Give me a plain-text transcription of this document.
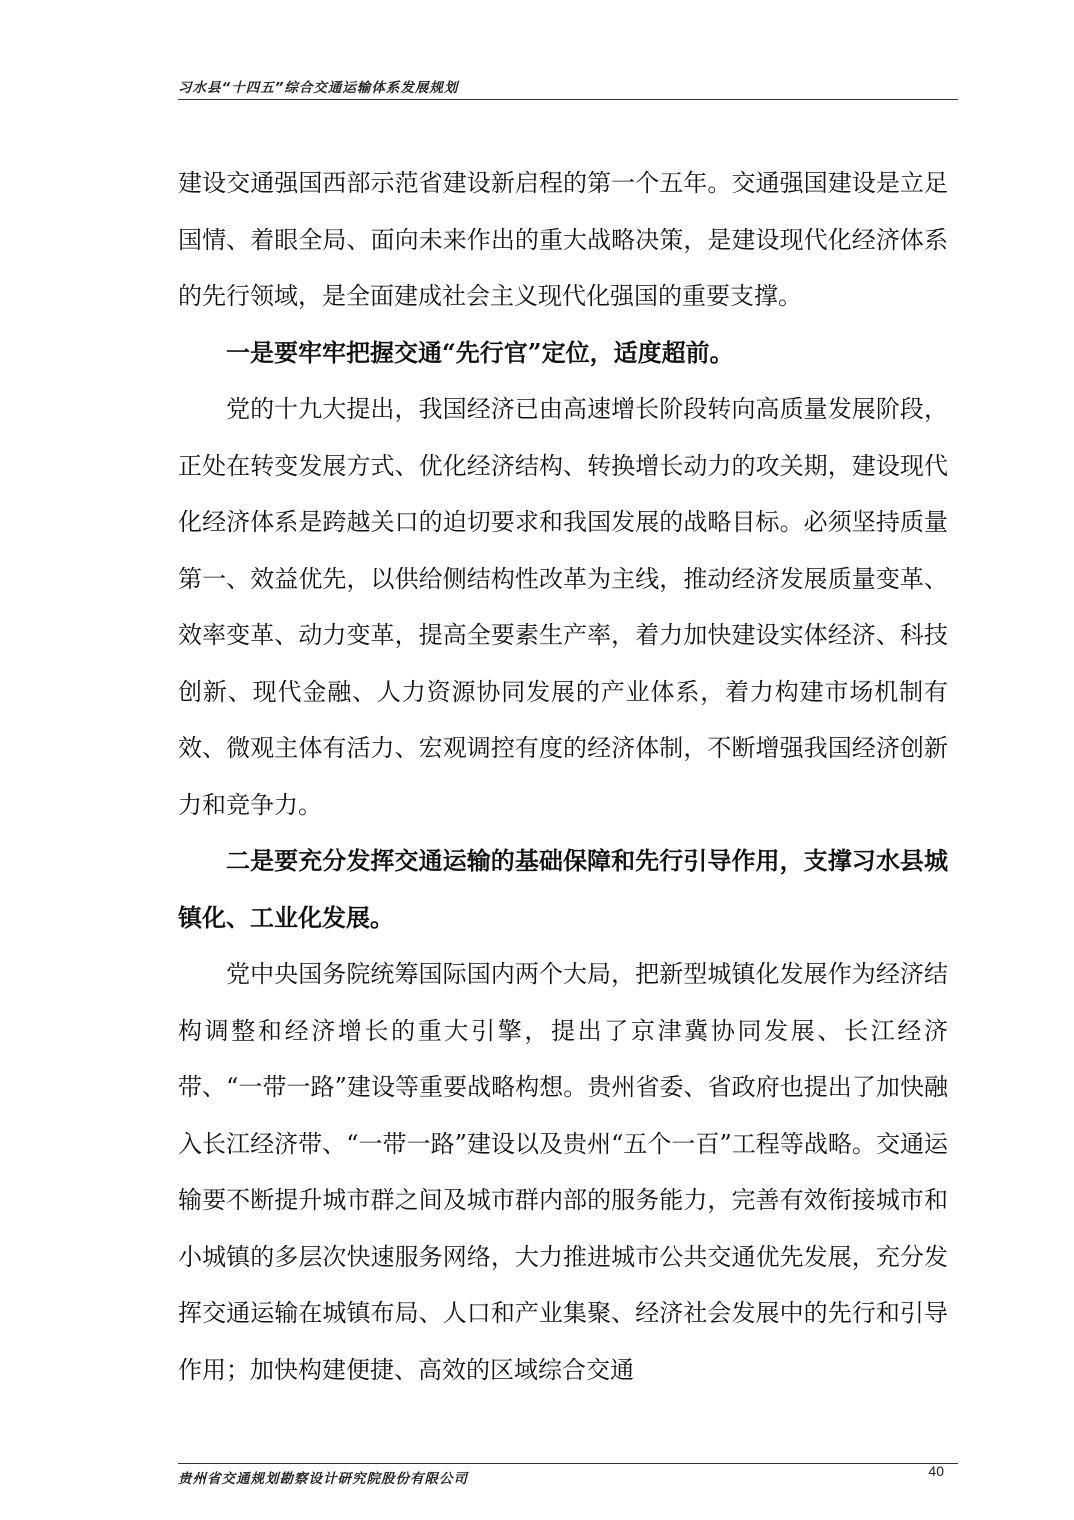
习水县“十四五”综合交通运输体系发展规划

建设交通强国西部示范省建设新启程的第一个五年。交通强国建设是立足国情、着眼全局、面向未来作出的重大战略决策，是建设现代化经济体系的先行领域，是全面建成社会主义现代化强国的重要支撑。

一是要牢牢把握交通“先行官”定位，适度超前。

党的十九大提出，我国经济已由高速增长阶段转向高质量发展阶段，正处在转变发展方式、优化经济结构、转换增长动力的攻关期，建设现代化经济体系是跨越关口的迫切要求和我国发展的战略目标。必须坚持质量第一、效益优先，以供给侧结构性改革为主线，推动经济发展质量变革、效率变革、动力变革，提高全要素生产率，着力加快建设实体经济、科技创新、现代金融、人力资源协同发展的产业体系，着力构建市场机制有效、微观主体有活力、宏观调控有度的经济体制，不断增强我国经济创新力和竞争力。

二是要充分发挥交通运输的基础保障和先行引导作用，支撑习水县城镇化、工业化发展。

党中央国务院统筹国际国内两个大局，把新型城镇化发展作为经济结构调整和经济增长的重大引擎，提出了京津冀协同发展、长江经济带、“一带一路”建设等重要战略构想。贵州省委、省政府也提出了加快融入长江经济带、“一带一路”建设以及贵州“五个一百”工程等战略。交通运输要不断提升城市群之间及城市群内部的服务能力，完善有效衔接城市和小城镇的多层次快速服务网络，大力推进城市公共交通优先发展，充分发挥交通运输在城镇布局、人口和产业集聚、经济社会发展中的先行和引导作用；加快构建便捷、高效的区域综合交通

贵州省交通规划勘察设计研究院股份有限公司	40
